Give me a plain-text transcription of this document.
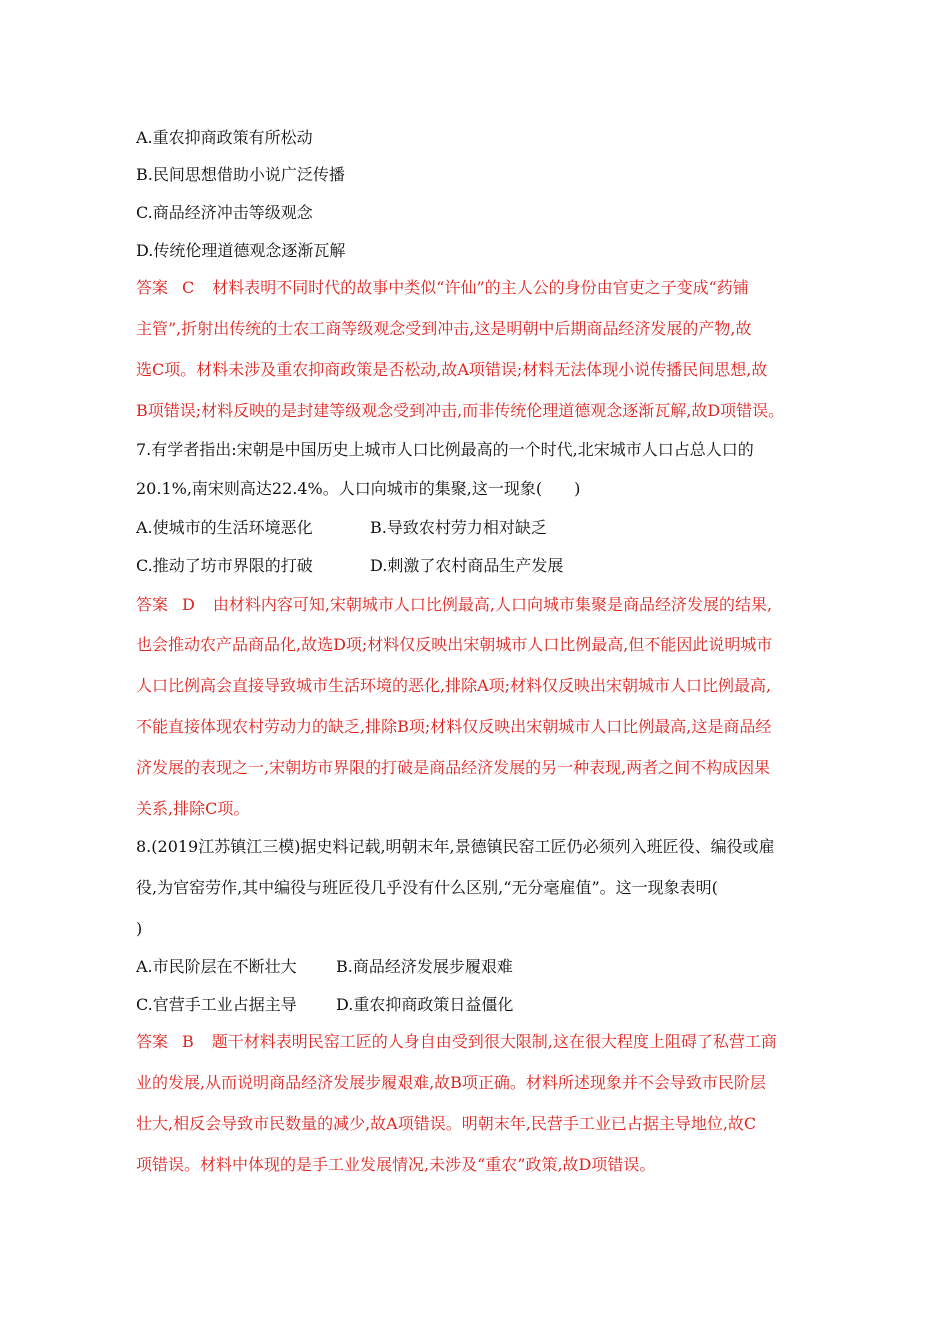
A.重农抑商政策有所松动
B.民间思想借助小说广泛传播
C.商品经济冲击等级观念
D.传统伦理道德观念逐渐瓦解
答案 C 材料表明不同时代的故事中类似“许仙”的主人公的身份由官吏之子变成“药铺
主管”,折射出传统的士农工商等级观念受到冲击,这是明朝中后期商品经济发展的产物,故
选C项。材料未涉及重农抑商政策是否松动,故A项错误;材料无法体现小说传播民间思想,故
B项错误;材料反映的是封建等级观念受到冲击,而非传统伦理道德观念逐渐瓦解,故D项错误。
7.有学者指出:宋朝是中国历史上城市人口比例最高的一个时代,北宋城市人口占总人口的
20.1%,南宋则高达22.4%。人口向城市的集聚,这一现象(　　)
A.使城市的生活环境恶化	B.导致农村劳力相对缺乏
C.推动了坊市界限的打破	D.刺激了农村商品生产发展
答案 D 由材料内容可知,宋朝城市人口比例最高,人口向城市集聚是商品经济发展的结果,
也会推动农产品商品化,故选D项;材料仅反映出宋朝城市人口比例最高,但不能因此说明城市
人口比例高会直接导致城市生活环境的恶化,排除A项;材料仅反映出宋朝城市人口比例最高,
不能直接体现农村劳动力的缺乏,排除B项;材料仅反映出宋朝城市人口比例最高,这是商品经
济发展的表现之一,宋朝坊市界限的打破是商品经济发展的另一种表现,两者之间不构成因果
关系,排除C项。
8.(2019江苏镇江三模)据史料记载,明朝末年,景德镇民窑工匠仍必须列入班匠役、编役或雇
役,为官窑劳作,其中编役与班匠役几乎没有什么区别,“无分毫雇值”。这一现象表明(
)
A.市民阶层在不断壮大 B.商品经济发展步履艰难
C.官营手工业占据主导 D.重农抑商政策日益僵化
答案 B 题干材料表明民窑工匠的人身自由受到很大限制,这在很大程度上阻碍了私营工商
业的发展,从而说明商品经济发展步履艰难,故B项正确。材料所述现象并不会导致市民阶层
壮大,相反会导致市民数量的减少,故A项错误。明朝末年,民营手工业已占据主导地位,故C
项错误。材料中体现的是手工业发展情况,未涉及“重农”政策,故D项错误。
